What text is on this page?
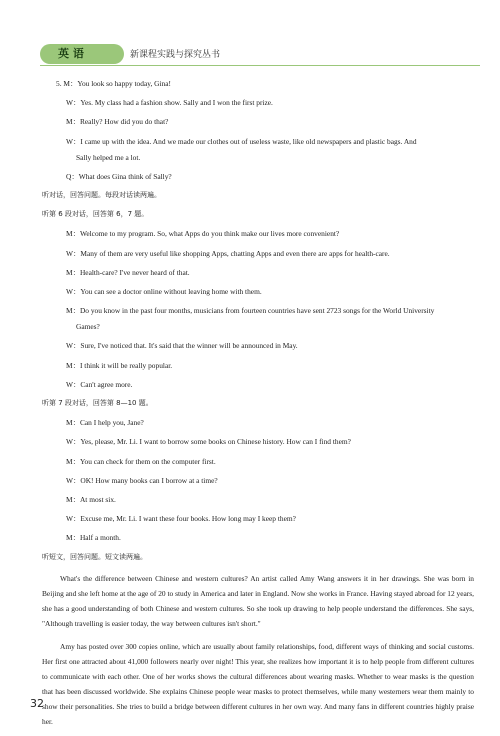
英 语	新课程实践与探究丛书
5. M：You look so happy today, Gina!
W：Yes. My class had a fashion show. Sally and I won the first prize.
M：Really? How did you do that?
W：I came up with the idea. And we made our clothes out of useless waste, like old newspapers and plastic bags. And
Sally helped me a lot.
Q：What does Gina think of Sally?
听对话，回答问题。每段对话读两遍。
听第 6 段对话，回答第 6，7 题。
M：Welcome to my program. So, what Apps do you think make our lives more convenient?
W：Many of them are very useful like shopping Apps, chatting Apps and even there are apps for health-care.
M：Health-care? I've never heard of that.
W：You can see a doctor online without leaving home with them.
M：Do you know in the past four months, musicians from fourteen countries have sent 2723 songs for the World University
Games?
W：Sure, I've noticed that. It's said that the winner will be announced in May.
M：I think it will be really popular.
W：Can't agree more.
听第 7 段对话，回答第 8—10 题。
M：Can I help you, Jane?
W：Yes, please, Mr. Li. I want to borrow some books on Chinese history. How can I find them?
M：You can check for them on the computer first.
W：OK! How many books can I borrow at a time?
M：At most six.
W：Excuse me, Mr. Li. I want these four books. How long may I keep them?
M：Half a month.
听短文，回答问题。短文读两遍。
What's the difference between Chinese and western cultures? An artist called Amy Wang answers it in her drawings. She was born in Beijing and she left home at the age of 20 to study in America and later in England. Now she works in France. Having stayed abroad for 12 years, she has a good understanding of both Chinese and western cultures. So she took up drawing to help people understand the differences. She says, "Although travelling is easier today, the way between cultures isn't short."
Amy has posted over 300 copies online, which are usually about family relationships, food, different ways of thinking and social customs. Her first one attracted about 41,000 followers nearly over night! This year, she realizes how important it is to help people from different cultures to communicate with each other. One of her works shows the cultural differences about wearing masks. Whether to wear masks is the question that has been discussed worldwide. She explains Chinese people wear masks to protect themselves, while many westerners wear them mainly to show their personalities. She tries to build a bridge between different cultures in her own way. And many fans in different countries highly praise her.
32
